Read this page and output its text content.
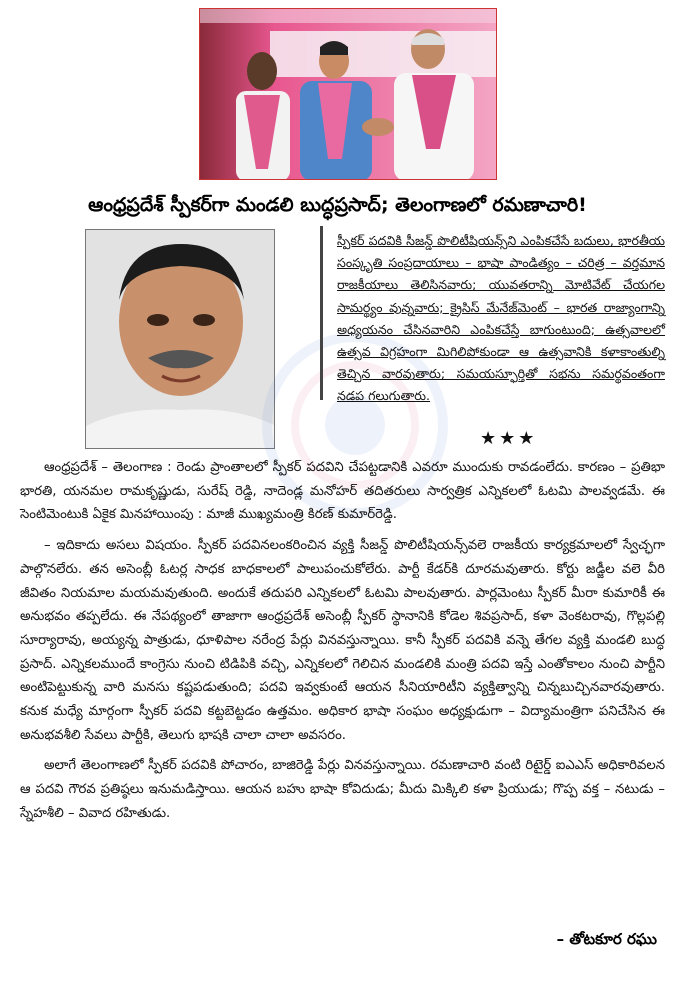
ఆంధ్రప్రదేశ్ స్పీకర్‌గా మండలి బుద్ధప్రసాద్; తెలంగాణలో రమణాచారి!

స్పీకర్ పదవికి సీజన్డ్ పొలిటీషియన్స్‌ని ఎంపికచేసే బదులు, భారతీయ సంస్కృతి సంప్రదాయాలు – భాషా పాండిత్యం – చరిత్ర – వర్తమాన రాజకీయాలు తెలిసినవారు; యువతరాన్ని మోటివేట్ చేయగల సామర్థ్యం వున్నవారు; క్రైసిస్ మేనేజ్‌మెంట్ – భారత రాజ్యాంగాన్ని అధ్యయనం చేసినవారిని ఎంపికచేస్తే బాగుంటుంది; ఉత్సవాలలో ఉత్సవ విగ్రహంగా మిగిలిపోకుండా ఆ ఉత్సవానికి కళాకాంతుల్ని తెచ్చిన వారవుతారు; సమయస్ఫూర్తితో సభను సమర్థవంతంగా నడప గలుగుతారు.

★★★

ఆంధ్రప్రదేశ్ – తెలంగాణ : రెండు ప్రాంతాలలో స్పీకర్ పదవిని చేపట్టడానికి ఎవరూ ముందుకు రావడంలేదు. కారణం – ప్రతిభా భారతి, యనమల రామకృష్ణుడు, సురేష్ రెడ్డి, నాదెండ్ల మనోహర్ తదితరులు సార్వత్రిక ఎన్నికలలో ఓటమి పాలవ్వడమే. ఈ సెంటిమెంటుకి ఏకైక మినహాయింపు : మాజీ ముఖ్యమంత్రి కిరణ్ కుమార్‌రెడ్డి.

– ఇదికాదు అసలు విషయం. స్పీకర్ పదవినలంకరించిన వ్యక్తి సీజన్డ్ పొలిటీషియన్స్‌వలె రాజకీయ కార్యక్రమాలలో స్వేచ్ఛగా పాల్గొనలేరు. తన అసెంబ్లీ ఓటర్ల సాధక బాధకాలలో పాలుపంచుకోలేరు. పార్టీ కేడర్‌కి దూరమవుతారు. కోర్టు జడ్జీల వలె వీరి జీవితం నియమాల మయమవుతుంది. అందుకే తదుపరి ఎన్నికలలో ఓటమి పాలవుతారు. పార్లమెంటు స్పీకర్ మీరా కుమారికీ ఈ అనుభవం తప్పలేదు. ఈ నేపథ్యంలో తాజాగా ఆంధ్రప్రదేశ్ అసెంబ్లీ స్పీకర్ స్థానానికి కోడెల శివప్రసాద్, కళా వెంకటరావు, గొల్లపల్లి సూర్యారావు, అయ్యన్న పాత్రుడు, ధూళిపాల నరేంద్ర పేర్లు వినవస్తున్నాయి. కానీ స్పీకర్ పదవికి వన్నె తేగల వ్యక్తి మండలి బుద్ధ ప్రసాద్. ఎన్నికలముందే కాంగ్రెసు నుంచి టిడిపికి వచ్చి, ఎన్నికలలో గెలిచిన మండలికి మంత్రి పదవి ఇస్తే ఎంతోకాలం నుంచి పార్టీని అంటిపెట్టుకున్న వారి మనసు కష్టపడుతుంది; పదవి ఇవ్వకుంటే ఆయన సీనియారిటీని వ్యక్తిత్వాన్ని చిన్నబుచ్చినవారవుతారు. కనుక మధ్యే మార్గంగా స్పీకర్ పదవి కట్టబెట్టడం ఉత్తమం. అధికార భాషా సంఘం అధ్యక్షుడుగా – విద్యామంత్రిగా పనిచేసిన ఈ అనుభవశీలి సేవలు పార్టీకి, తెలుగు భాషకి చాలా చాలా అవసరం.

అలాగే తెలంగాణలో స్పీకర్ పదవికి పోచారం, బాజిరెడ్డి పేర్లు వినవస్తున్నాయి. రమణాచారి వంటి రిటైర్డ్ ఐఎఎస్ అధికారివలన ఆ పదవి గౌరవ ప్రతిష్ఠలు ఇనుమడిస్తాయి. ఆయన బహు భాషా కోవిదుడు; మీదు మిక్కిలి కళా ప్రియుడు; గొప్ప వక్త – నటుడు – స్నేహశీలి – వివాద రహితుడు.

– తోటకూర రఘు
